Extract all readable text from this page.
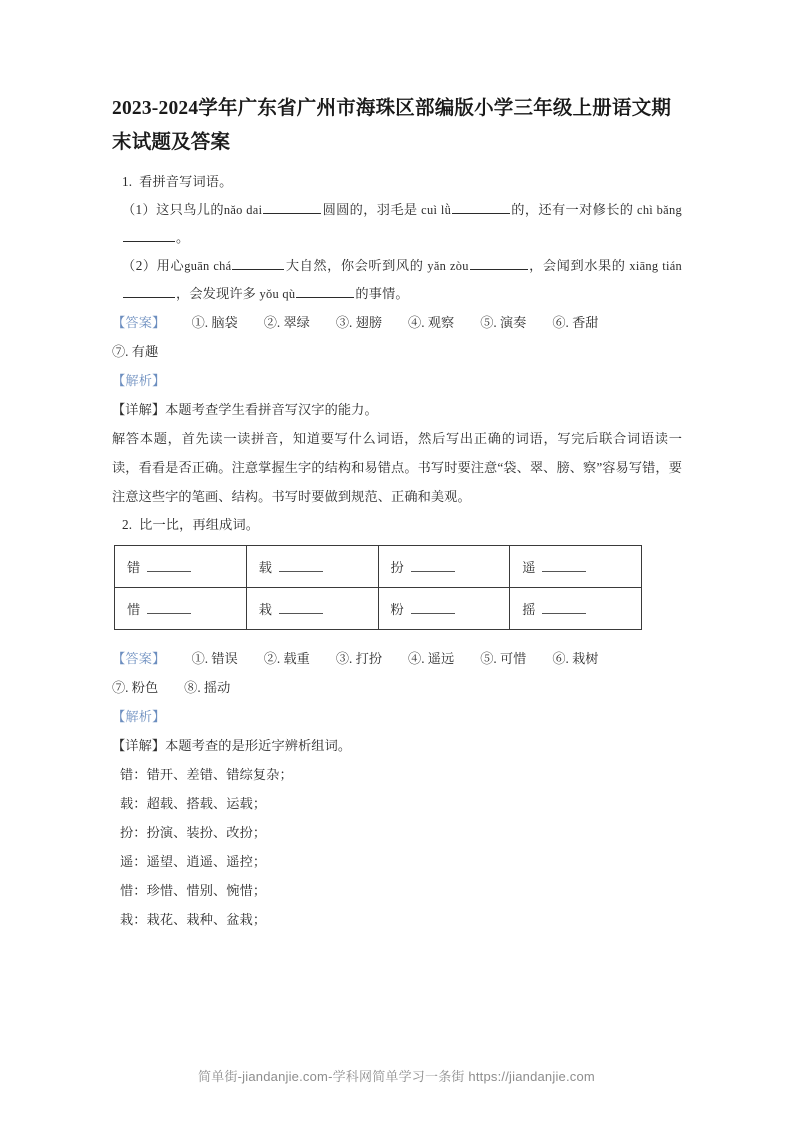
2023-2024学年广东省广州市海珠区部编版小学三年级上册语文期末试题及答案

1. 看拼音写词语。

（1）这只鸟儿的nǎo dai	圆圆的，羽毛是 cuì lǜ	的，还有一对修长的 chì bǎng。

（2）用心guān chá	大自然，你会听到风的 yǎn zòu	，会闻到水果的 xiāng tián，会发现许多 yǒu qù	的事情。

【答案】 ①. 脑袋 ②. 翠绿 ③. 翅膀 ④. 观察 ⑤. 演奏 ⑥. 香甜

⑦. 有趣

【解析】

【详解】本题考查学生看拼音写汉字的能力。

解答本题，首先读一读拼音，知道要写什么词语，然后写出正确的词语，写完后联合词语读一读，看看是否正确。注意掌握生字的结构和易错点。书写时要注意“袋、翠、膀、察”容易写错，要注意这些字的笔画、结构。书写时要做到规范、正确和美观。

2. 比一比，再组成词。

错	载	扮	遥
惜	栽	粉	摇

【答案】 ①. 错误 ②. 载重 ③. 打扮 ④. 遥远 ⑤. 可惜 ⑥. 栽树

⑦. 粉色 ⑧. 摇动

【解析】

【详解】本题考查的是形近字辨析组词。

错：错开、差错、错综复杂；

载：超载、搭载、运载；

扮：扮演、装扮、改扮；

遥：遥望、逍遥、遥控；

惜：珍惜、惜别、惋惜；

栽：栽花、栽种、盆栽；

简单街-jiandanjie.com-学科网简单学习一条街 https://jiandanjie.com
